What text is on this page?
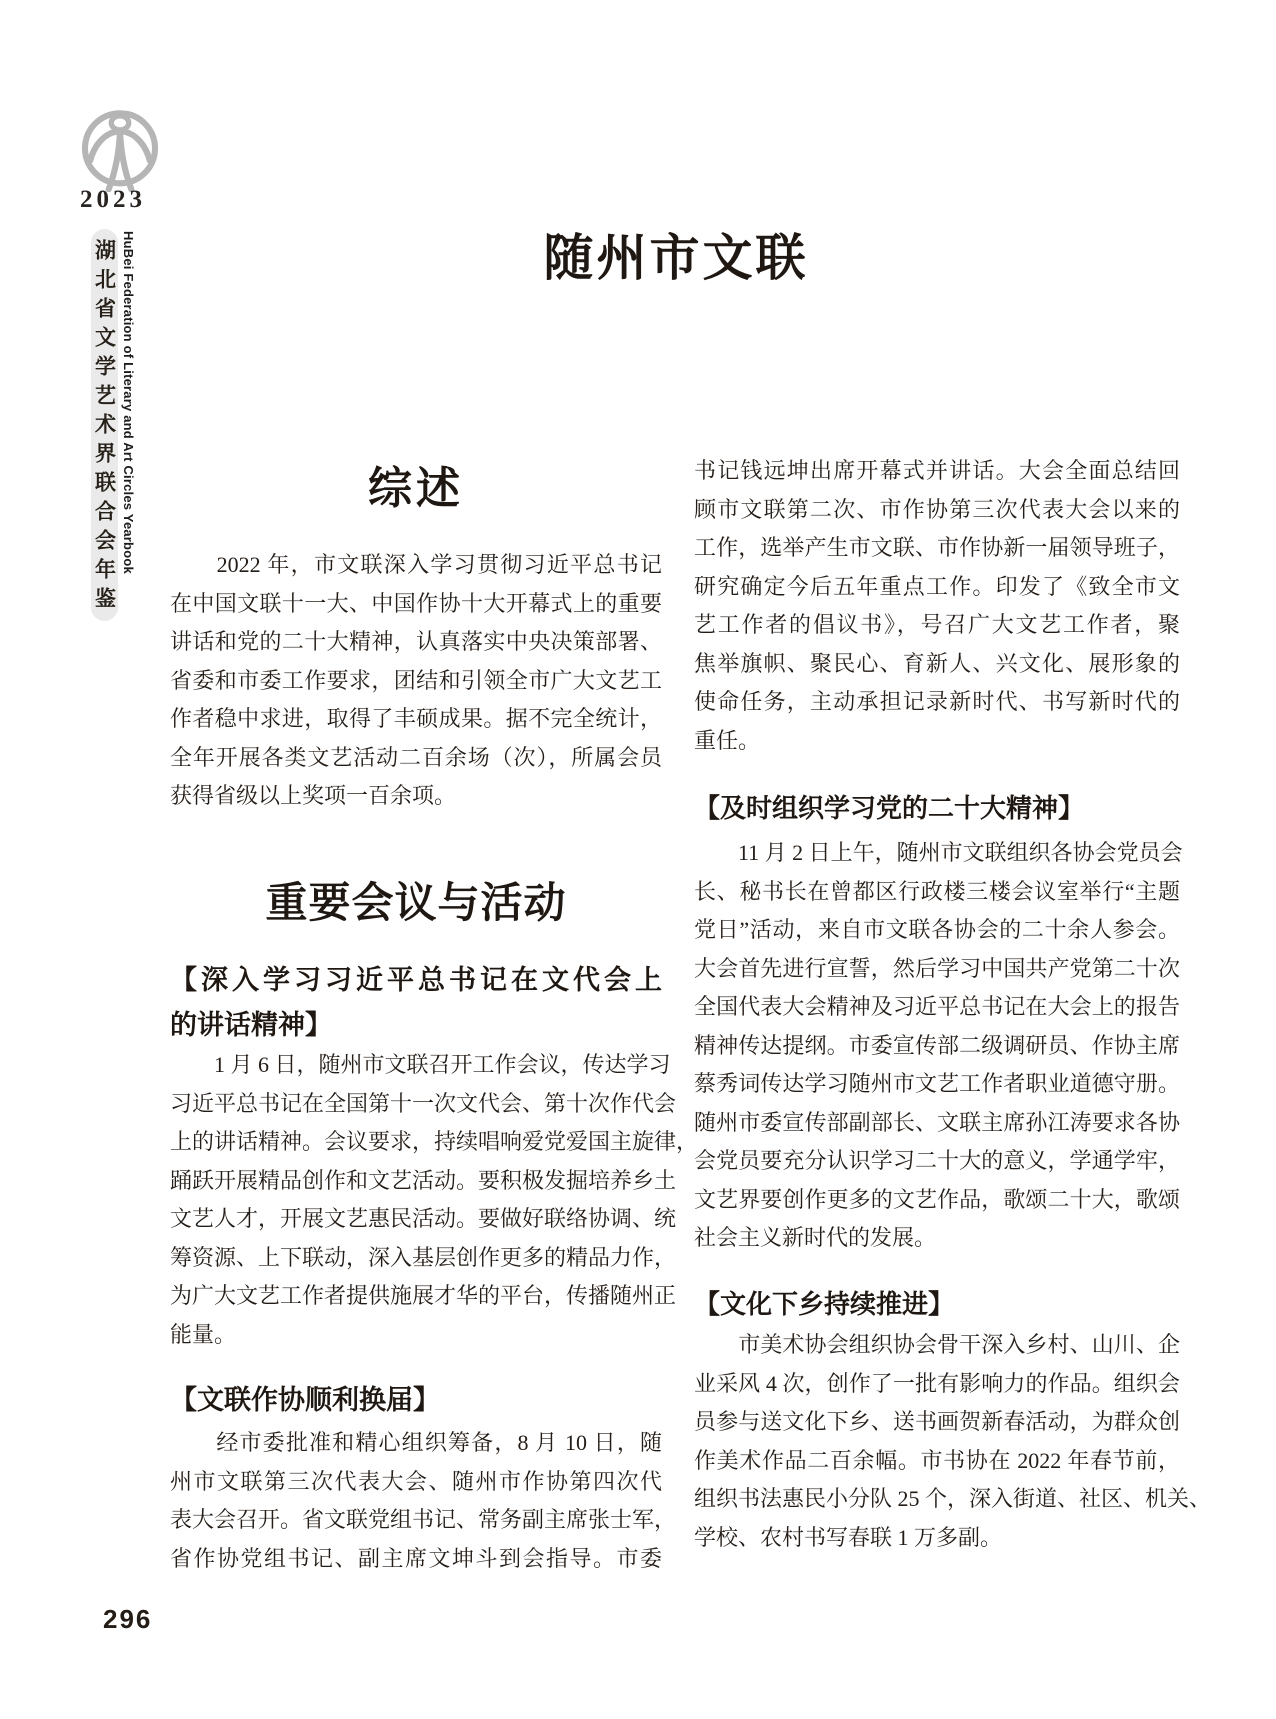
2023
湖北省文学艺术界联合会年鉴 HuBei Federation of Literary and Art Circles Yearbook	随州市文联
综述
　　2022 年，市文联深入学习贯彻习近平总书记
在中国文联十一大、中国作协十大开幕式上的重要
讲话和党的二十大精神，认真落实中央决策部署、
省委和市委工作要求，团结和引领全市广大文艺工
作者稳中求进，取得了丰硕成果。据不完全统计，
全年开展各类文艺活动二百余场（次），所属会员
获得省级以上奖项一百余项。
重要会议与活动
【深入学习习近平总书记在文代会上
的讲话精神】
　　1 月 6 日，随州市文联召开工作会议，传达学习
习近平总书记在全国第十一次文代会、第十次作代会
上的讲话精神。会议要求，持续唱响爱党爱国主旋律，
踊跃开展精品创作和文艺活动。要积极发掘培养乡土
文艺人才，开展文艺惠民活动。要做好联络协调、统
筹资源、上下联动，深入基层创作更多的精品力作，
为广大文艺工作者提供施展才华的平台，传播随州正
能量。
【文联作协顺利换届】
　　经市委批准和精心组织筹备，8 月 10 日，随
州市文联第三次代表大会、随州市作协第四次代
表大会召开。省文联党组书记、常务副主席张士军，
省作协党组书记、副主席文坤斗到会指导。市委
书记钱远坤出席开幕式并讲话。大会全面总结回
顾市文联第二次、市作协第三次代表大会以来的
工作，选举产生市文联、市作协新一届领导班子，
研究确定今后五年重点工作。印发了《致全市文
艺工作者的倡议书》，号召广大文艺工作者，聚
焦举旗帜、聚民心、育新人、兴文化、展形象的
使命任务，主动承担记录新时代、书写新时代的
重任。
【及时组织学习党的二十大精神】
　　11 月 2 日上午，随州市文联组织各协会党员会
长、秘书长在曾都区行政楼三楼会议室举行“主题
党日”活动，来自市文联各协会的二十余人参会。
大会首先进行宣誓，然后学习中国共产党第二十次
全国代表大会精神及习近平总书记在大会上的报告
精神传达提纲。市委宣传部二级调研员、作协主席
蔡秀词传达学习随州市文艺工作者职业道德守册。
随州市委宣传部副部长、文联主席孙江涛要求各协
会党员要充分认识学习二十大的意义，学通学牢，
文艺界要创作更多的文艺作品，歌颂二十大，歌颂
社会主义新时代的发展。
【文化下乡持续推进】
　　市美术协会组织协会骨干深入乡村、山川、企
业采风 4 次，创作了一批有影响力的作品。组织会
员参与送文化下乡、送书画贺新春活动，为群众创
作美术作品二百余幅。市书协在 2022 年春节前，
组织书法惠民小分队 25 个，深入街道、社区、机关、
学校、农村书写春联 1 万多副。
296
